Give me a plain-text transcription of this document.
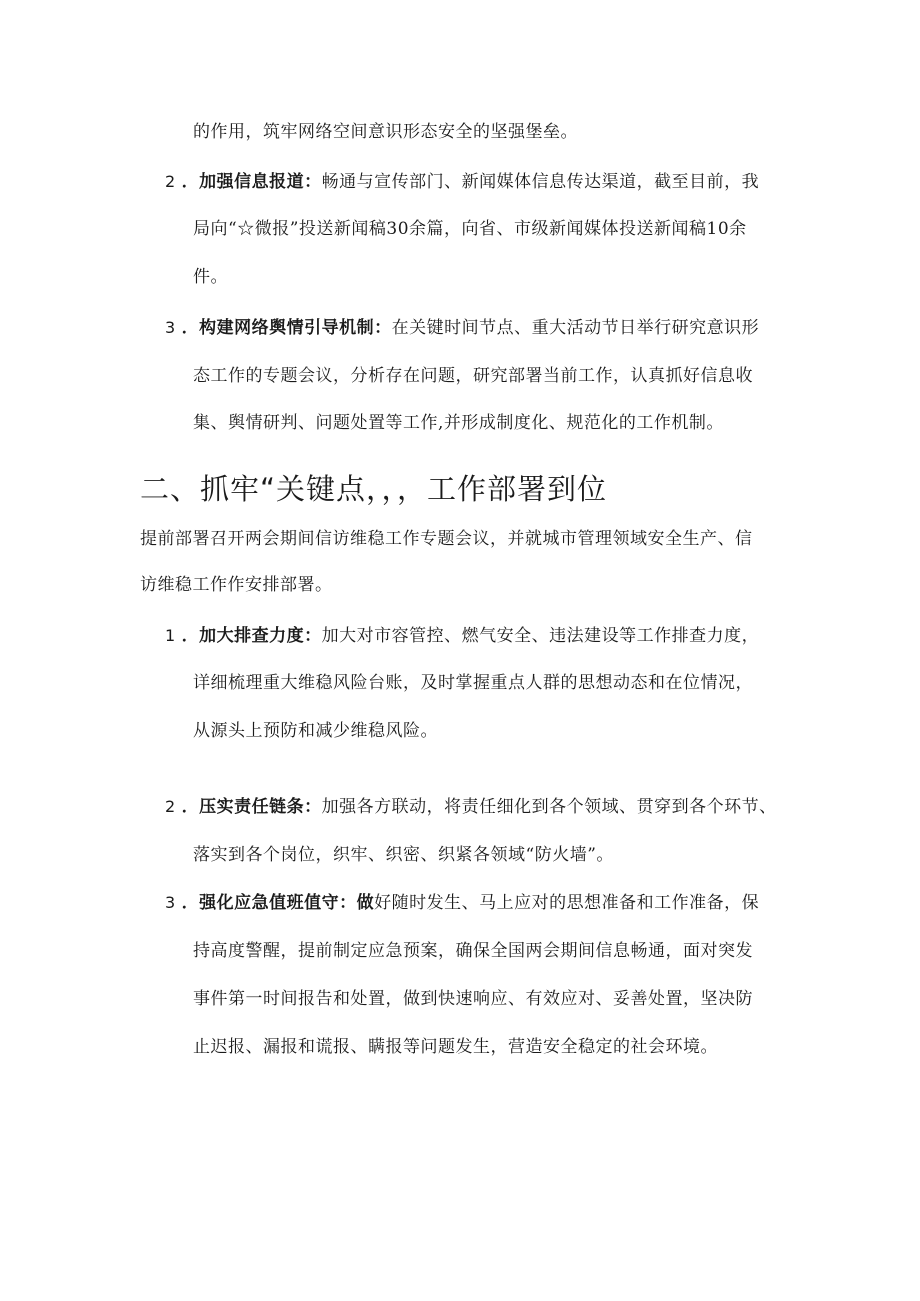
的作用，筑牢网络空间意识形态安全的坚强堡垒。
2 ．加强信息报道：畅通与宣传部门、新闻媒体信息传达渠道，截至目前，我
局向“☆微报”投送新闻稿30余篇，向省、市级新闻媒体投送新闻稿10余
件。
3 ．构建网络舆情引导机制：在关键时间节点、重大活动节日举行研究意识形
态工作的专题会议，分析存在问题，研究部署当前工作，认真抓好信息收
集、舆情研判、问题处置等工作,并形成制度化、规范化的工作机制。
二、抓牢“关键点，，，工作部署到位
提前部署召开两会期间信访维稳工作专题会议，并就城市管理领域安全生产、信
访维稳工作作安排部署。
1 ．加大排查力度：加大对市容管控、燃气安全、违法建设等工作排查力度，
详细梳理重大维稳风险台账，及时掌握重点人群的思想动态和在位情况，
从源头上预防和减少维稳风险。
2 ．压实责任链条：加强各方联动，将责任细化到各个领域、贯穿到各个环节、
落实到各个岗位，织牢、织密、织紧各领域“防火墙”。
3 ．强化应急值班值守：做好随时发生、马上应对的思想准备和工作准备，保
持高度警醒，提前制定应急预案，确保全国两会期间信息畅通，面对突发
事件第一时间报告和处置，做到快速响应、有效应对、妥善处置，坚决防
止迟报、漏报和谎报、瞒报等问题发生，营造安全稳定的社会环境。
